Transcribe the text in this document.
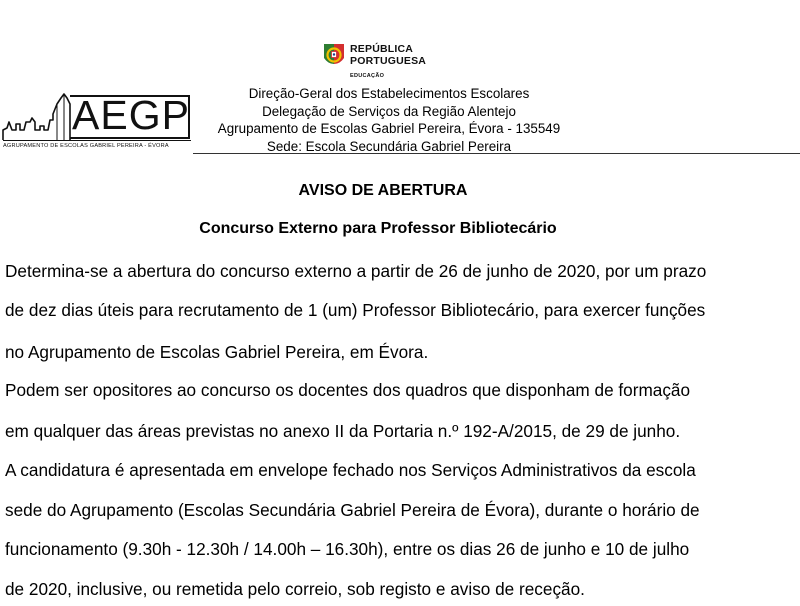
REPÚBLICA
PORTUGUESA
EDUCAÇÃO
AEGP
AGRUPAMENTO DE ESCOLAS GABRIEL PEREIRA - ÉVORA
Direção-Geral dos Estabelecimentos Escolares
Delegação de Serviços da Região Alentejo
Agrupamento de Escolas Gabriel Pereira, Évora - 135549
Sede: Escola Secundária Gabriel Pereira
AVISO DE ABERTURA
Concurso Externo para Professor Bibliotecário
Determina-se a abertura do concurso externo a partir de 26 de junho de 2020, por um prazo
de dez dias úteis para recrutamento de 1 (um) Professor Bibliotecário, para exercer funções
no Agrupamento de Escolas Gabriel Pereira, em Évora.
Podem ser opositores ao concurso os docentes dos quadros que disponham de formação
em qualquer das áreas previstas no anexo II da Portaria n.º 192-A/2015, de 29 de junho.
A candidatura é apresentada em envelope fechado nos Serviços Administrativos da escola
sede do Agrupamento (Escolas Secundária Gabriel Pereira de Évora), durante o horário de
funcionamento (9.30h - 12.30h / 14.00h – 16.30h), entre os dias 26 de junho e 10 de julho
de 2020, inclusive, ou remetida pelo correio, sob registo e aviso de receção.
